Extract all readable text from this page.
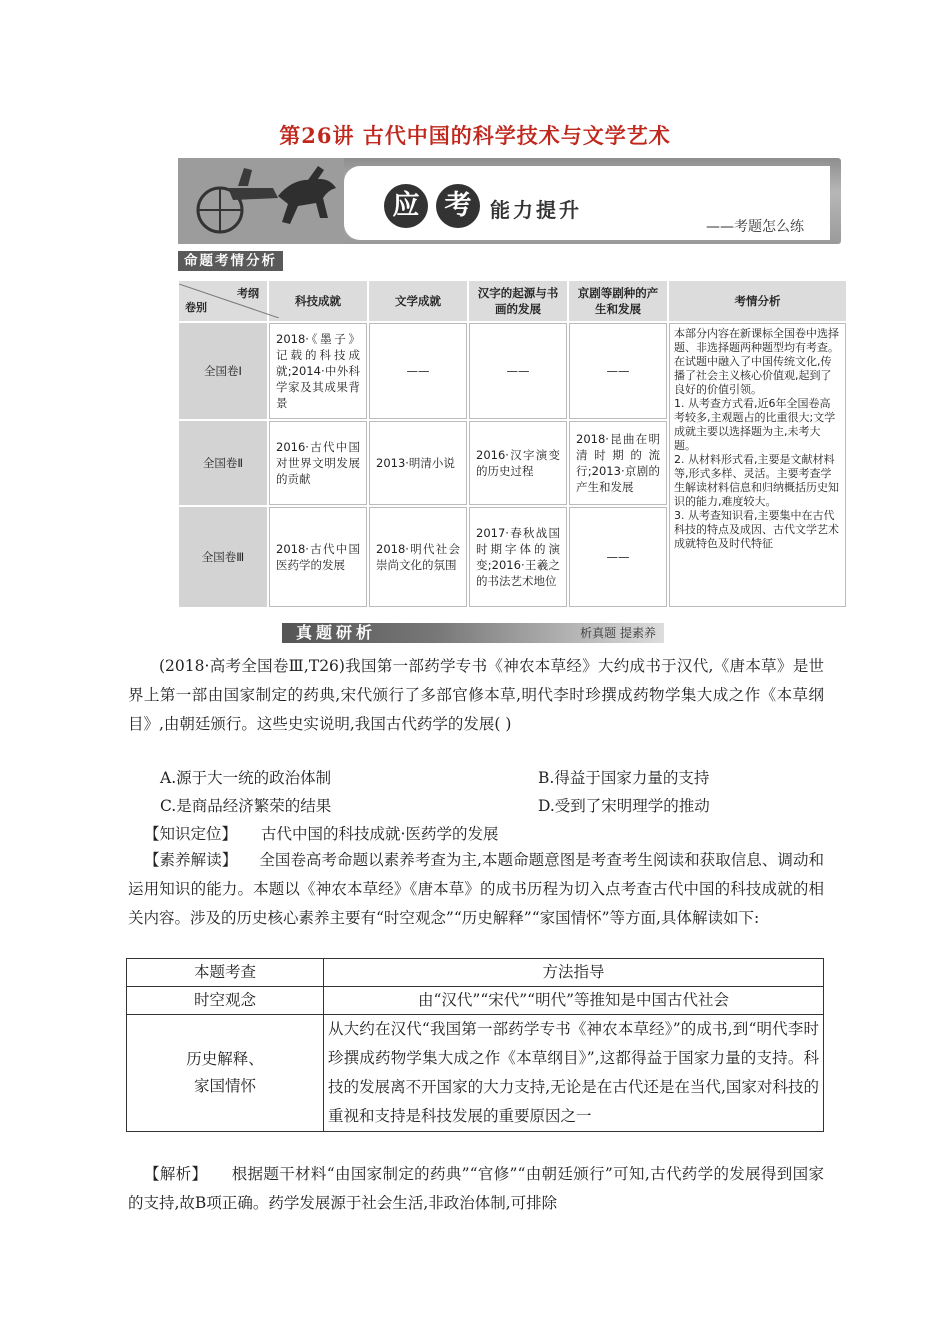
第26讲 古代中国的科学技术与文学艺术
应 考 能力提升
——考题怎么练
命题考情分析
考纲
卷别	科技成就	文学成就	汉字的起源与书画的发展	京剧等剧种的产生和发展	考情分析
全国卷Ⅰ	2018·《墨子》记载的科技成就;2014·中外科学家及其成果背景	——	——	——	本部分内容在新课标全国卷中选择题、非选择题两种题型均有考查。在试题中融入了中国传统文化,传播了社会主义核心价值观,起到了良好的价值引领。
1. 从考查方式看,近6年全国卷高考较多,主观题占的比重很大;文学成就主要以选择题为主,未考大题。
2. 从材料形式看,主要是文献材料等,形式多样、灵活。主要考查学生解读材料信息和归纳概括历史知识的能力,难度较大。
3. 从考查知识看,主要集中在古代科技的特点及成因、古代文学艺术成就特色及时代特征
全国卷Ⅱ	2016·古代中国对世界文明发展的贡献	2013·明清小说	2016·汉字演变的历史过程	2018·昆曲在明清时期的流行;2013·京剧的产生和发展	
全国卷Ⅲ	2018·古代中国医药学的发展	2018·明代社会崇尚文化的氛围	2017·春秋战国时期字体的演变;2016·王羲之的书法艺术地位	——	
真题研析	析真题 提素养
(2018·高考全国卷Ⅲ,T26)我国第一部药学专书《神农本草经》大约成书于汉代,《唐本草》是世界上第一部由国家制定的药典,宋代颁行了多部官修本草,明代李时珍撰成药物学集大成之作《本草纲目》,由朝廷颁行。这些史实说明,我国古代药学的发展( )
A.源于大一统的政治体制	B.得益于国家力量的支持
C.是商品经济繁荣的结果	D.受到了宋明理学的推动
【知识定位】 古代中国的科技成就·医药学的发展
【素养解读】 全国卷高考命题以素养考查为主,本题命题意图是考查考生阅读和获取信息、调动和运用知识的能力。本题以《神农本草经》《唐本草》的成书历程为切入点考查古代中国的科技成就的相关内容。涉及的历史核心素养主要有“时空观念”“历史解释”“家国情怀”等方面,具体解读如下:
本题考查	方法指导
时空观念	由“汉代”“宋代”“明代”等推知是中国古代社会

历史解释、
家国情怀	从大约在汉代“我国第一部药学专书《神农本草经》”的成书,到“明代李时珍撰成药物学集大成之作《本草纲目》”,这都得益于国家力量的支持。科技的发展离不开国家的大力支持,无论是在古代还是在当代,国家对科技的重视和支持是科技发展的重要原因之一
【解析】 根据题干材料“由国家制定的药典”“官修”“由朝廷颁行”可知,古代药学的发展得到国家的支持,故B项正确。药学发展源于社会生活,非政治体制,可排除
